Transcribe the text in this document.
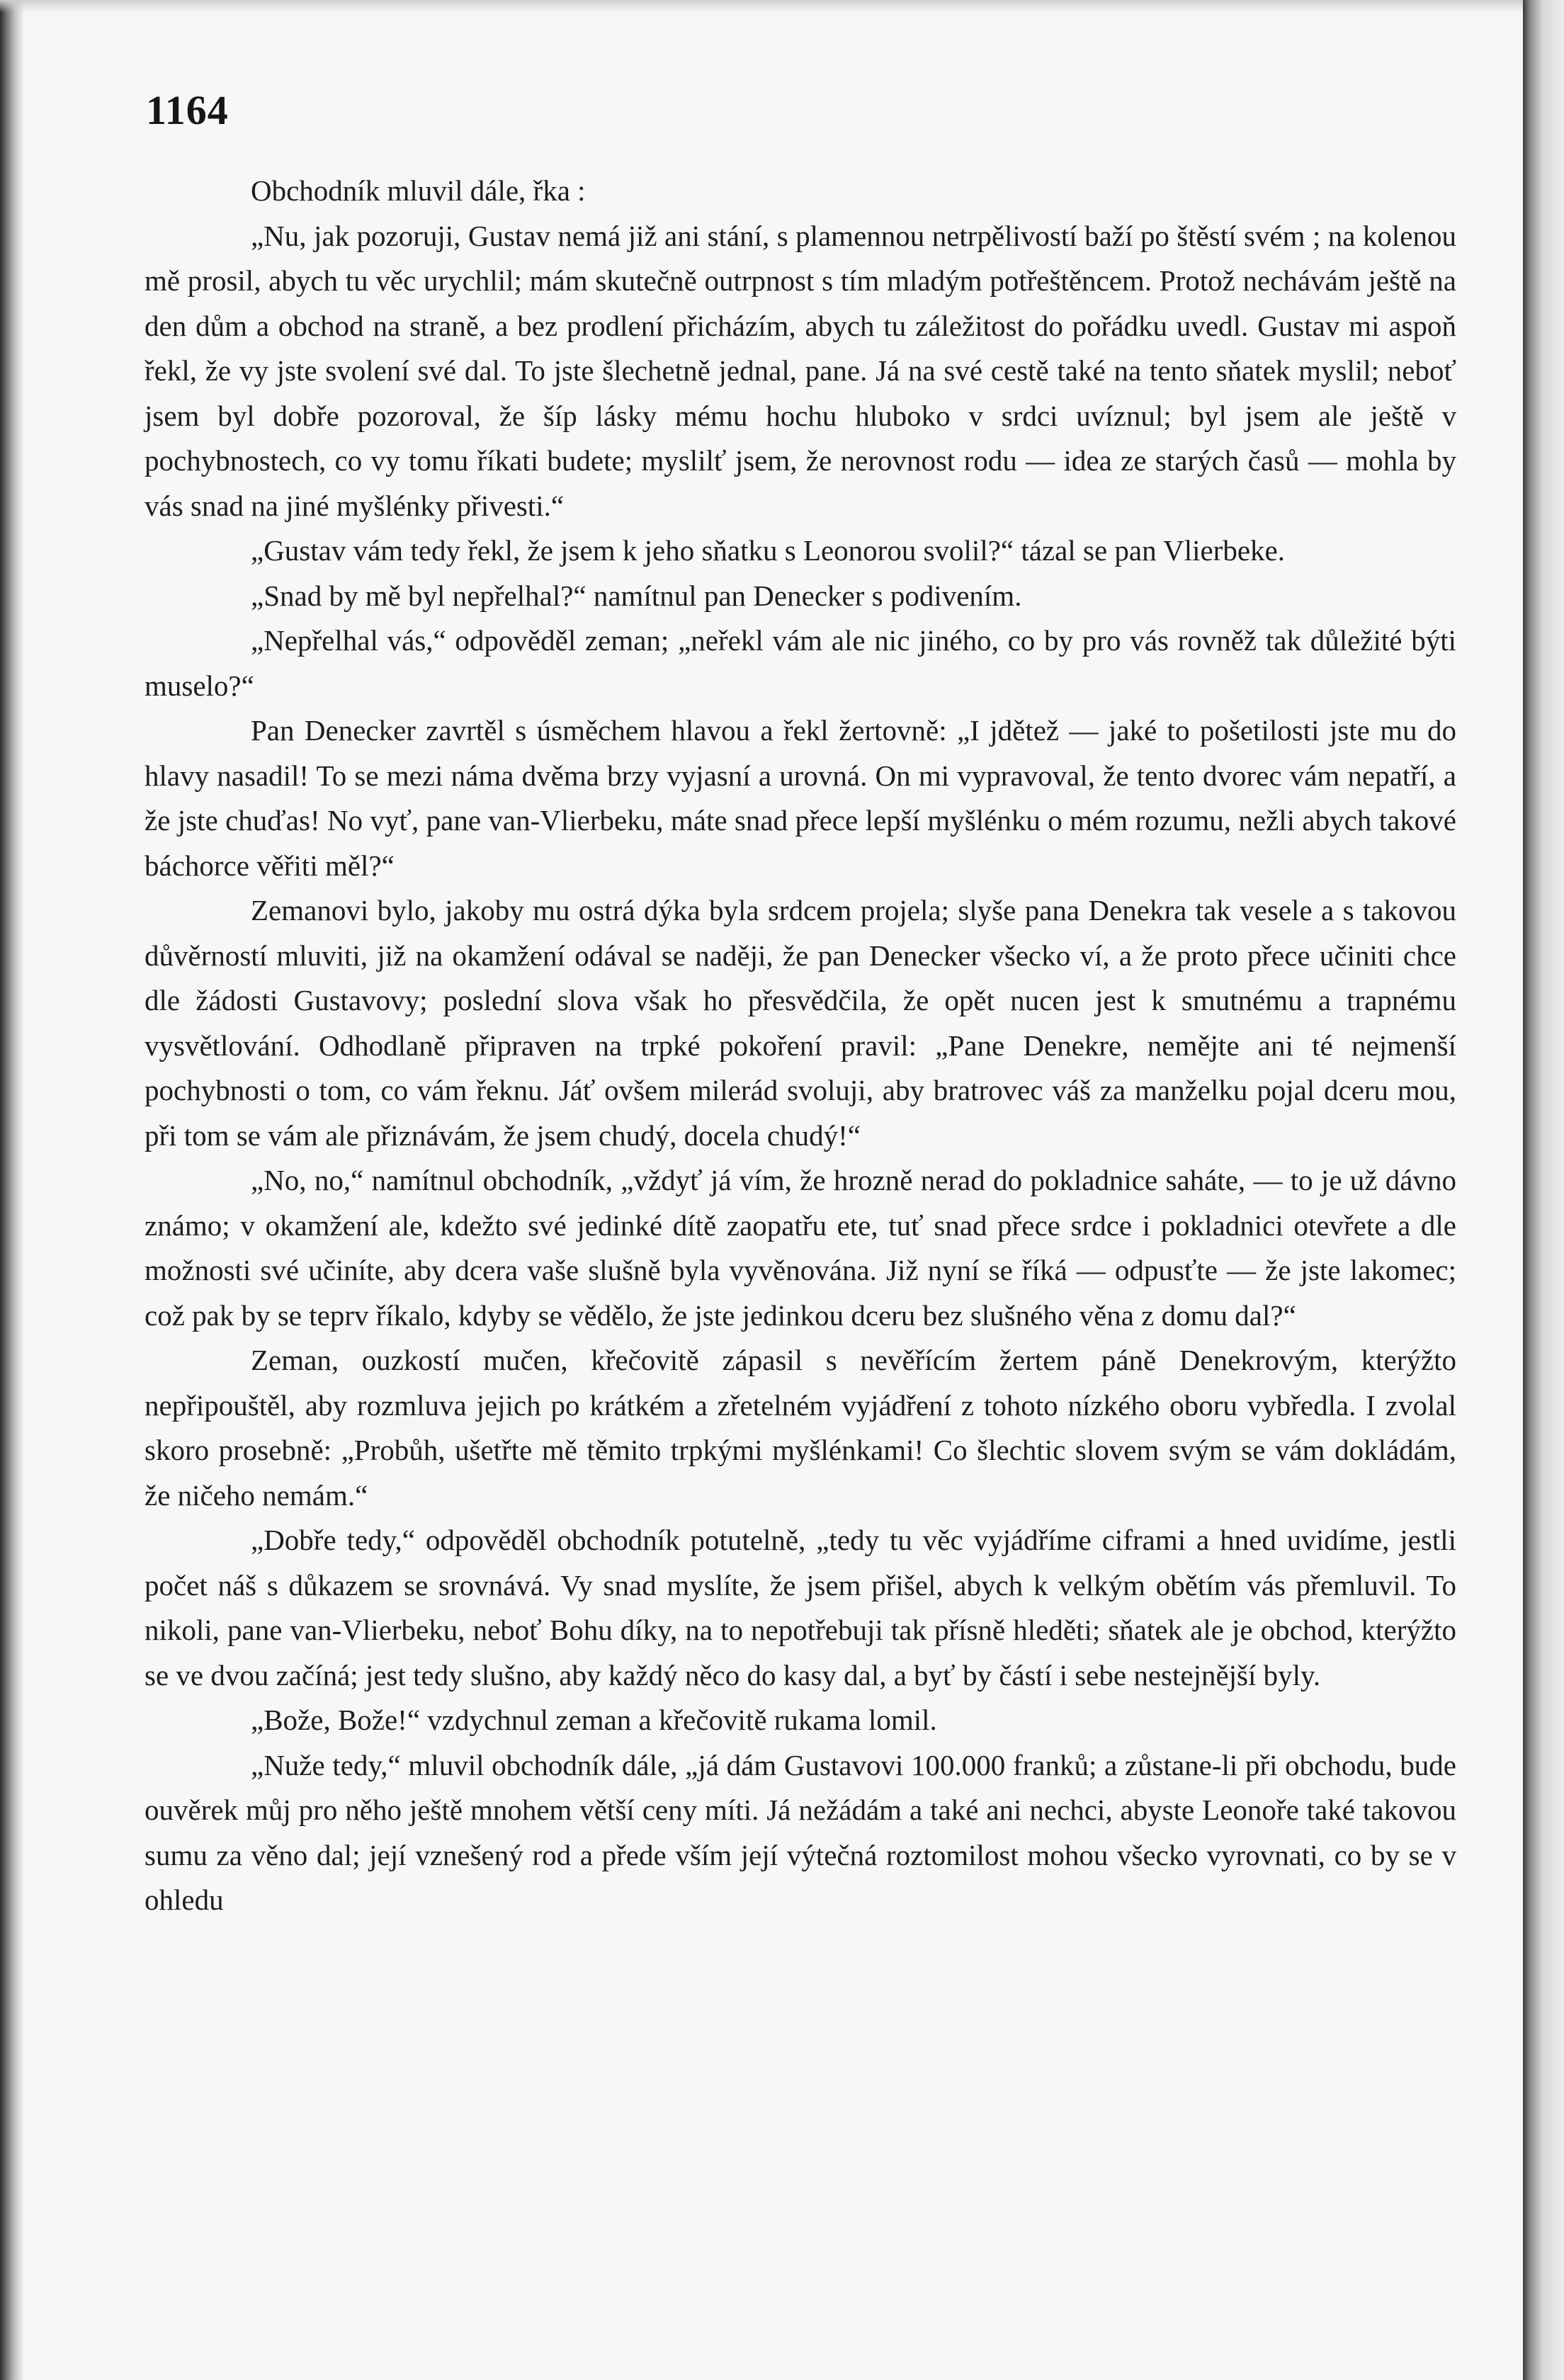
1164

Obchodník mluvil dále, řka :

„Nu, jak pozoruji, Gustav nemá již ani stání, s plamennou netrpělivostí baží po štěstí svém ; na kolenou mě prosil, abych tu věc urychlil; mám skutečně outrpnost s tím mladým potřeštěncem. Protož nechávám ještě na den dům a obchod na straně, a bez prodlení přicházím, abych tu záležitost do pořádku uvedl. Gustav mi aspoň řekl, že vy jste svolení své dal. To jste šlechetně jednal, pane. Já na své cestě také na tento sňatek myslil; neboť jsem byl dobře pozoroval, že šíp lásky mému hochu hluboko v srdci uvíznul; byl jsem ale ještě v pochybnostech, co vy tomu říkati budete; myslilť jsem, že nerovnost rodu — idea ze starých časů — mohla by vás snad na jiné myšlénky přivesti.“

„Gustav vám tedy řekl, že jsem k jeho sňatku s Leonorou svolil?“ tázal se pan Vlierbeke.

„Snad by mě byl nepřelhal?“ namítnul pan Denecker s podivením.

„Nepřelhal vás,“ odpověděl zeman; „neřekl vám ale nic jiného, co by pro vás rovněž tak důležité býti muselo?“

Pan Denecker zavrtěl s úsměchem hlavou a řekl žertovně: „I jdětež — jaké to pošetilosti jste mu do hlavy nasadil! To se mezi náma dvěma brzy vyjasní a urovná. On mi vypravoval, že tento dvorec vám nepatří, a že jste chuďas! No vyť, pane van-Vlierbeku, máte snad přece lepší myšlénku o mém rozumu, nežli abych takové báchorce věřiti měl?“

Zemanovi bylo, jakoby mu ostrá dýka byla srdcem projela; slyše pana Denekra tak vesele a s takovou důvěrností mluviti, již na okamžení odával se naději, že pan Denecker všecko ví, a že proto přece učiniti chce dle žádosti Gustavovy; poslední slova však ho přesvědčila, že opět nucen jest k smutnému a trapnému vysvětlování. Odhodlaně připraven na trpké pokoření pravil: „Pane Denekre, nemějte ani té nejmenší pochybnosti o tom, co vám řeknu. Jáť ovšem milerád svoluji, aby bratrovec váš za manželku pojal dceru mou, při tom se vám ale přiznávám, že jsem chudý, docela chudý!“

„No, no,“ namítnul obchodník, „vždyť já vím, že hrozně nerad do pokladnice saháte, — to je už dávno známo; v okamžení ale, kdežto své jedinké dítě zaopatřu ete, tuť snad přece srdce i pokladnici otevřete a dle možnosti své učiníte, aby dcera vaše slušně byla vyvěnována. Již nyní se říká — odpusťte — že jste lakomec; což pak by se teprv říkalo, kdyby se vědělo, že jste jedinkou dceru bez slušného věna z domu dal?“

Zeman, ouzkostí mučen, křečovitě zápasil s nevěřícím žertem páně Denekrovým, kterýžto nepřipouštěl, aby rozmluva jejich po krátkém a zřetelném vyjádření z tohoto nízkého oboru vybředla. I zvolal skoro prosebně: „Probůh, ušetřte mě těmito trpkými myšlénkami! Co šlechtic slovem svým se vám dokládám, že ničeho nemám.“

„Dobře tedy,“ odpověděl obchodník potutelně, „tedy tu věc vyjádříme ciframi a hned uvidíme, jestli počet náš s důkazem se srovnává. Vy snad myslíte, že jsem přišel, abych k velkým obětím vás přemluvil. To nikoli, pane van-Vlierbeku, neboť Bohu díky, na to nepotřebuji tak přísně hleděti; sňatek ale je obchod, kterýžto se ve dvou začíná; jest tedy slušno, aby každý něco do kasy dal, a byť by částí i sebe nestejnější byly.

„Bože, Bože!“ vzdychnul zeman a křečovitě rukama lomil.

„Nuže tedy,“ mluvil obchodník dále, „já dám Gustavovi 100.000 franků; a zůstane-li při obchodu, bude ouvěrek můj pro něho ještě mnohem větší ceny míti. Já nežádám a také ani nechci, abyste Leonoře také takovou sumu za věno dal; její vznešený rod a přede vším její výtečná roztomilost mohou všecko vyrovnati, co by se v ohledu
